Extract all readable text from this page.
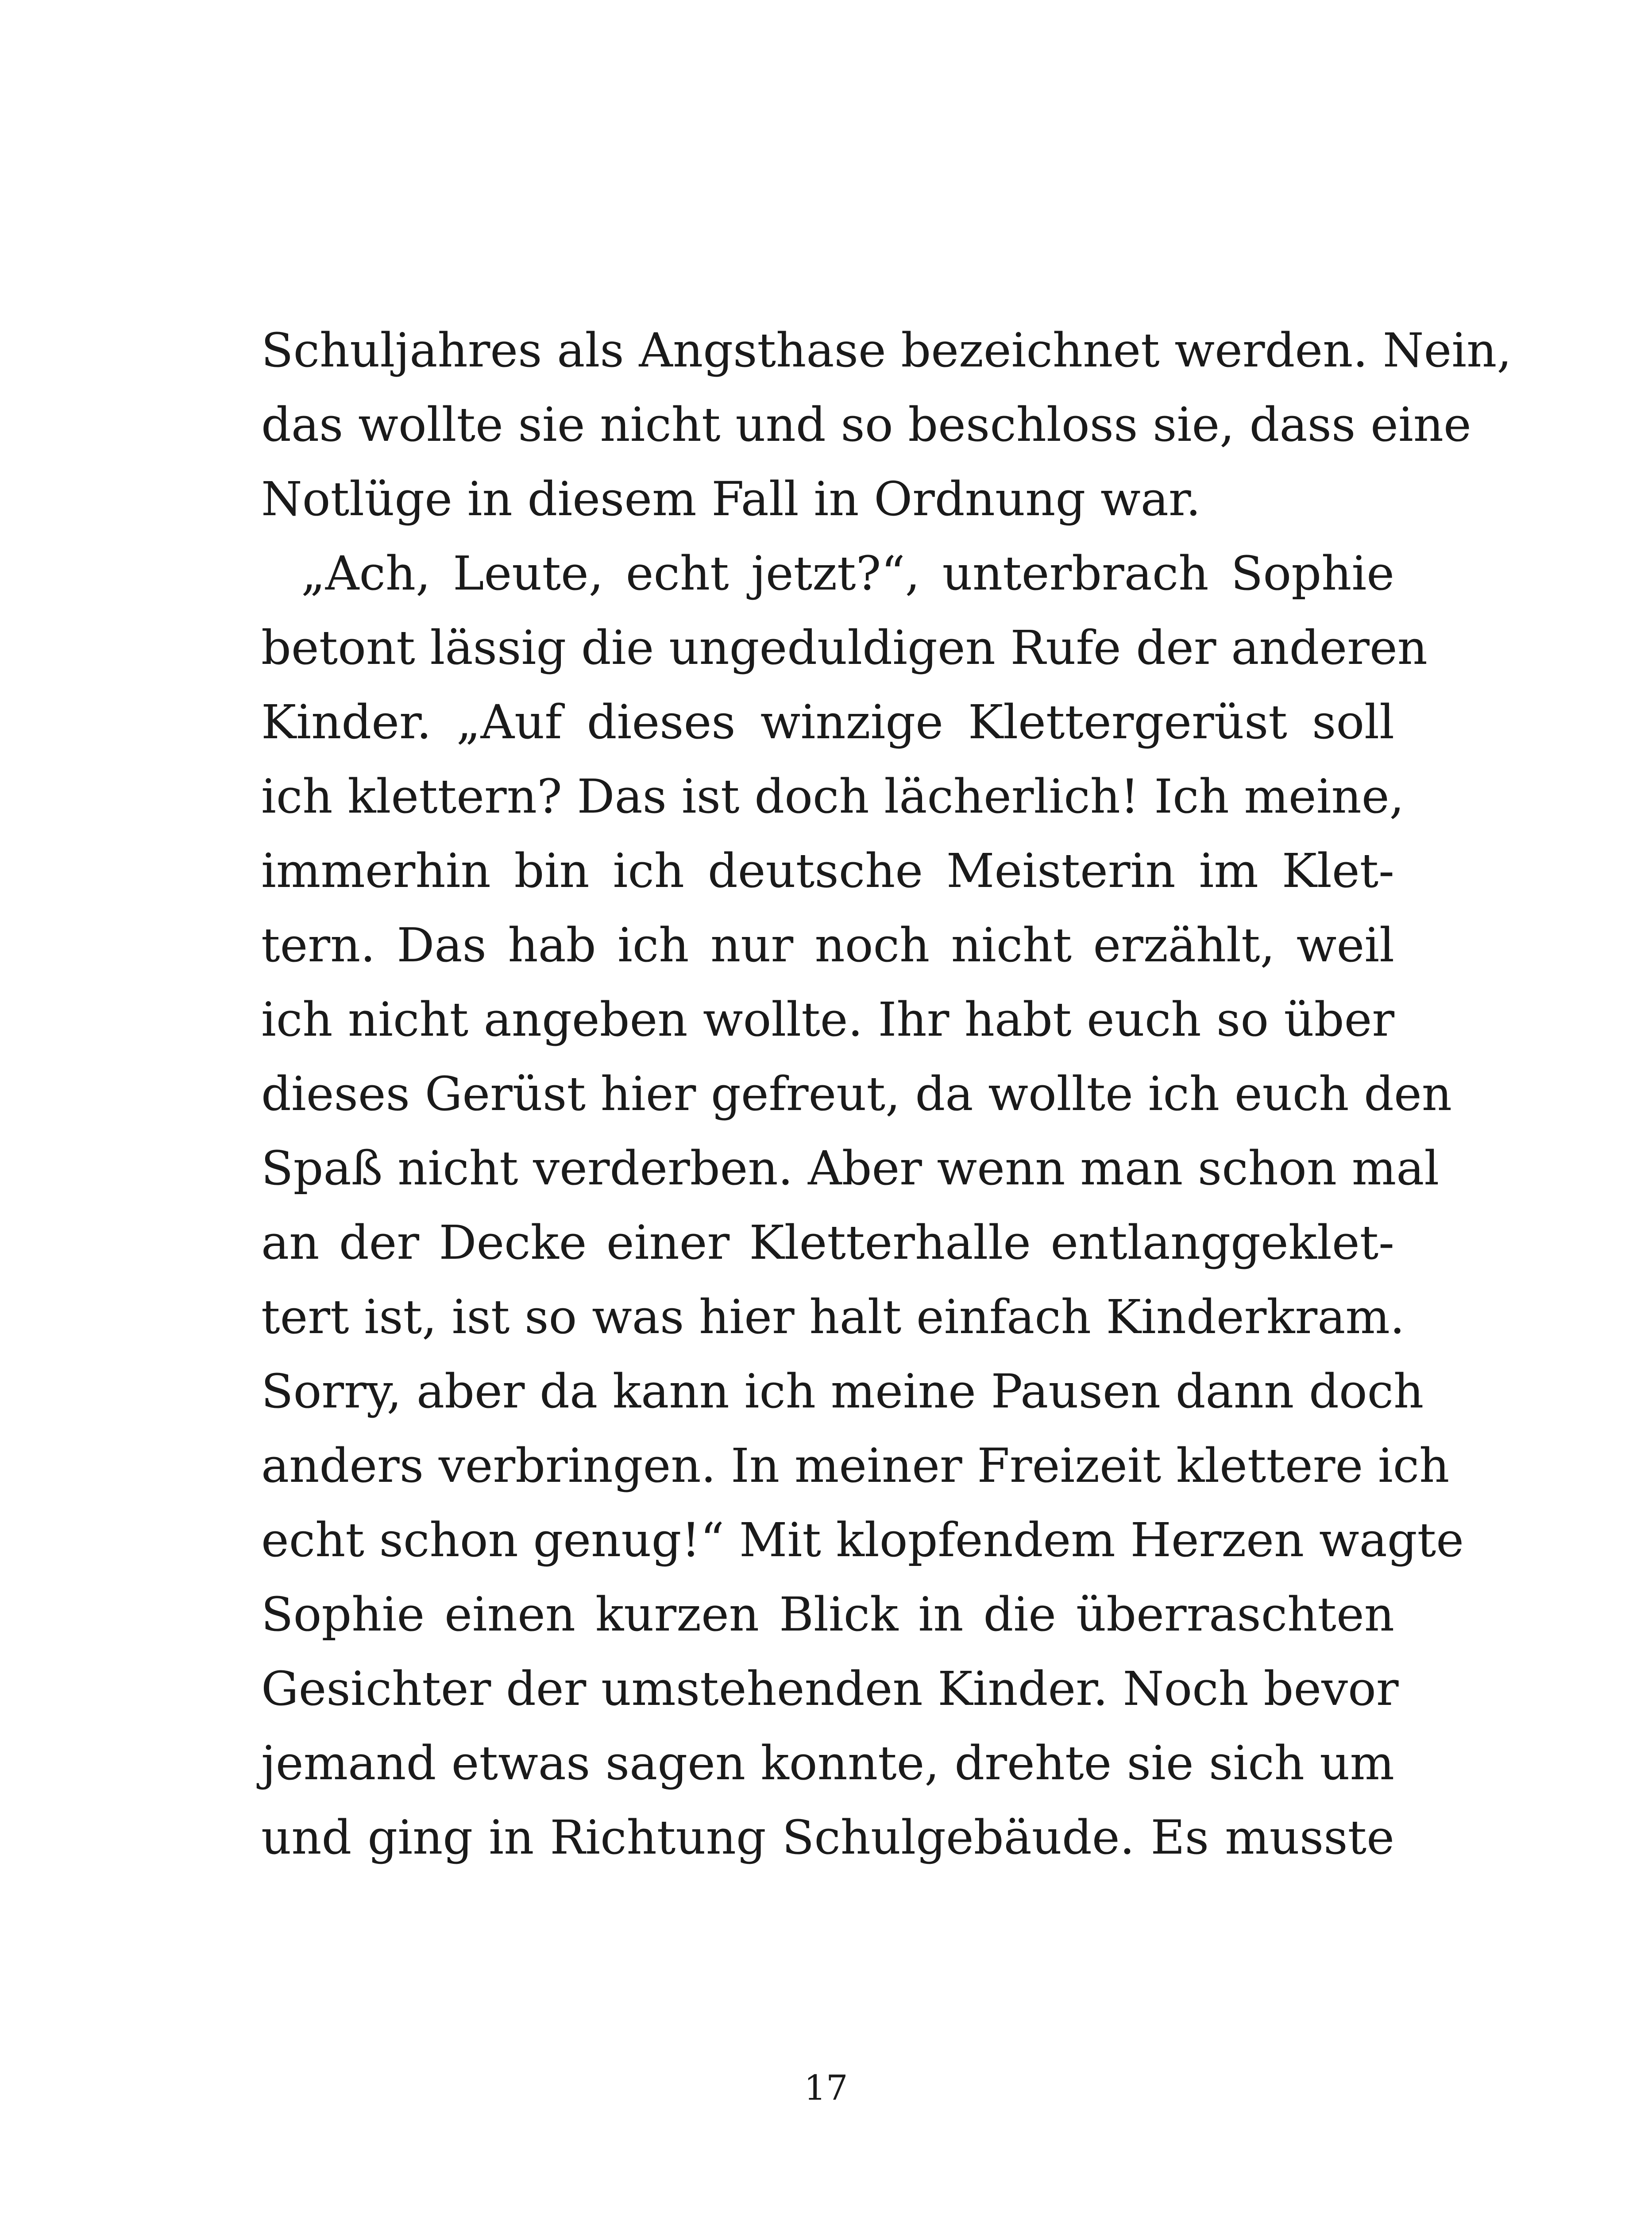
Schuljahres als Angsthase bezeichnet werden. Nein,
das wollte sie nicht und so beschloss sie, dass eine
Notlüge in diesem Fall in Ordnung war.
„Ach, Leute, echt jetzt?“, unterbrach Sophie
betont lässig die ungeduldigen Rufe der anderen
Kinder. „Auf dieses winzige Klettergerüst soll
ich klettern? Das ist doch lächerlich! Ich meine,
immerhin bin ich deutsche Meisterin im Klet-
tern. Das hab ich nur noch nicht erzählt, weil
ich nicht angeben wollte. Ihr habt euch so über
dieses Gerüst hier gefreut, da wollte ich euch den
Spaß nicht verderben. Aber wenn man schon mal
an der Decke einer Kletterhalle entlanggeklet-
tert ist, ist so was hier halt einfach Kinderkram.
Sorry, aber da kann ich meine Pausen dann doch
anders verbringen. In meiner Freizeit klettere ich
echt schon genug!“ Mit klopfendem Herzen wagte
Sophie einen kurzen Blick in die überraschten
Gesichter der umstehenden Kinder. Noch bevor
jemand etwas sagen konnte, drehte sie sich um
und ging in Richtung Schulgebäude. Es musste
17
